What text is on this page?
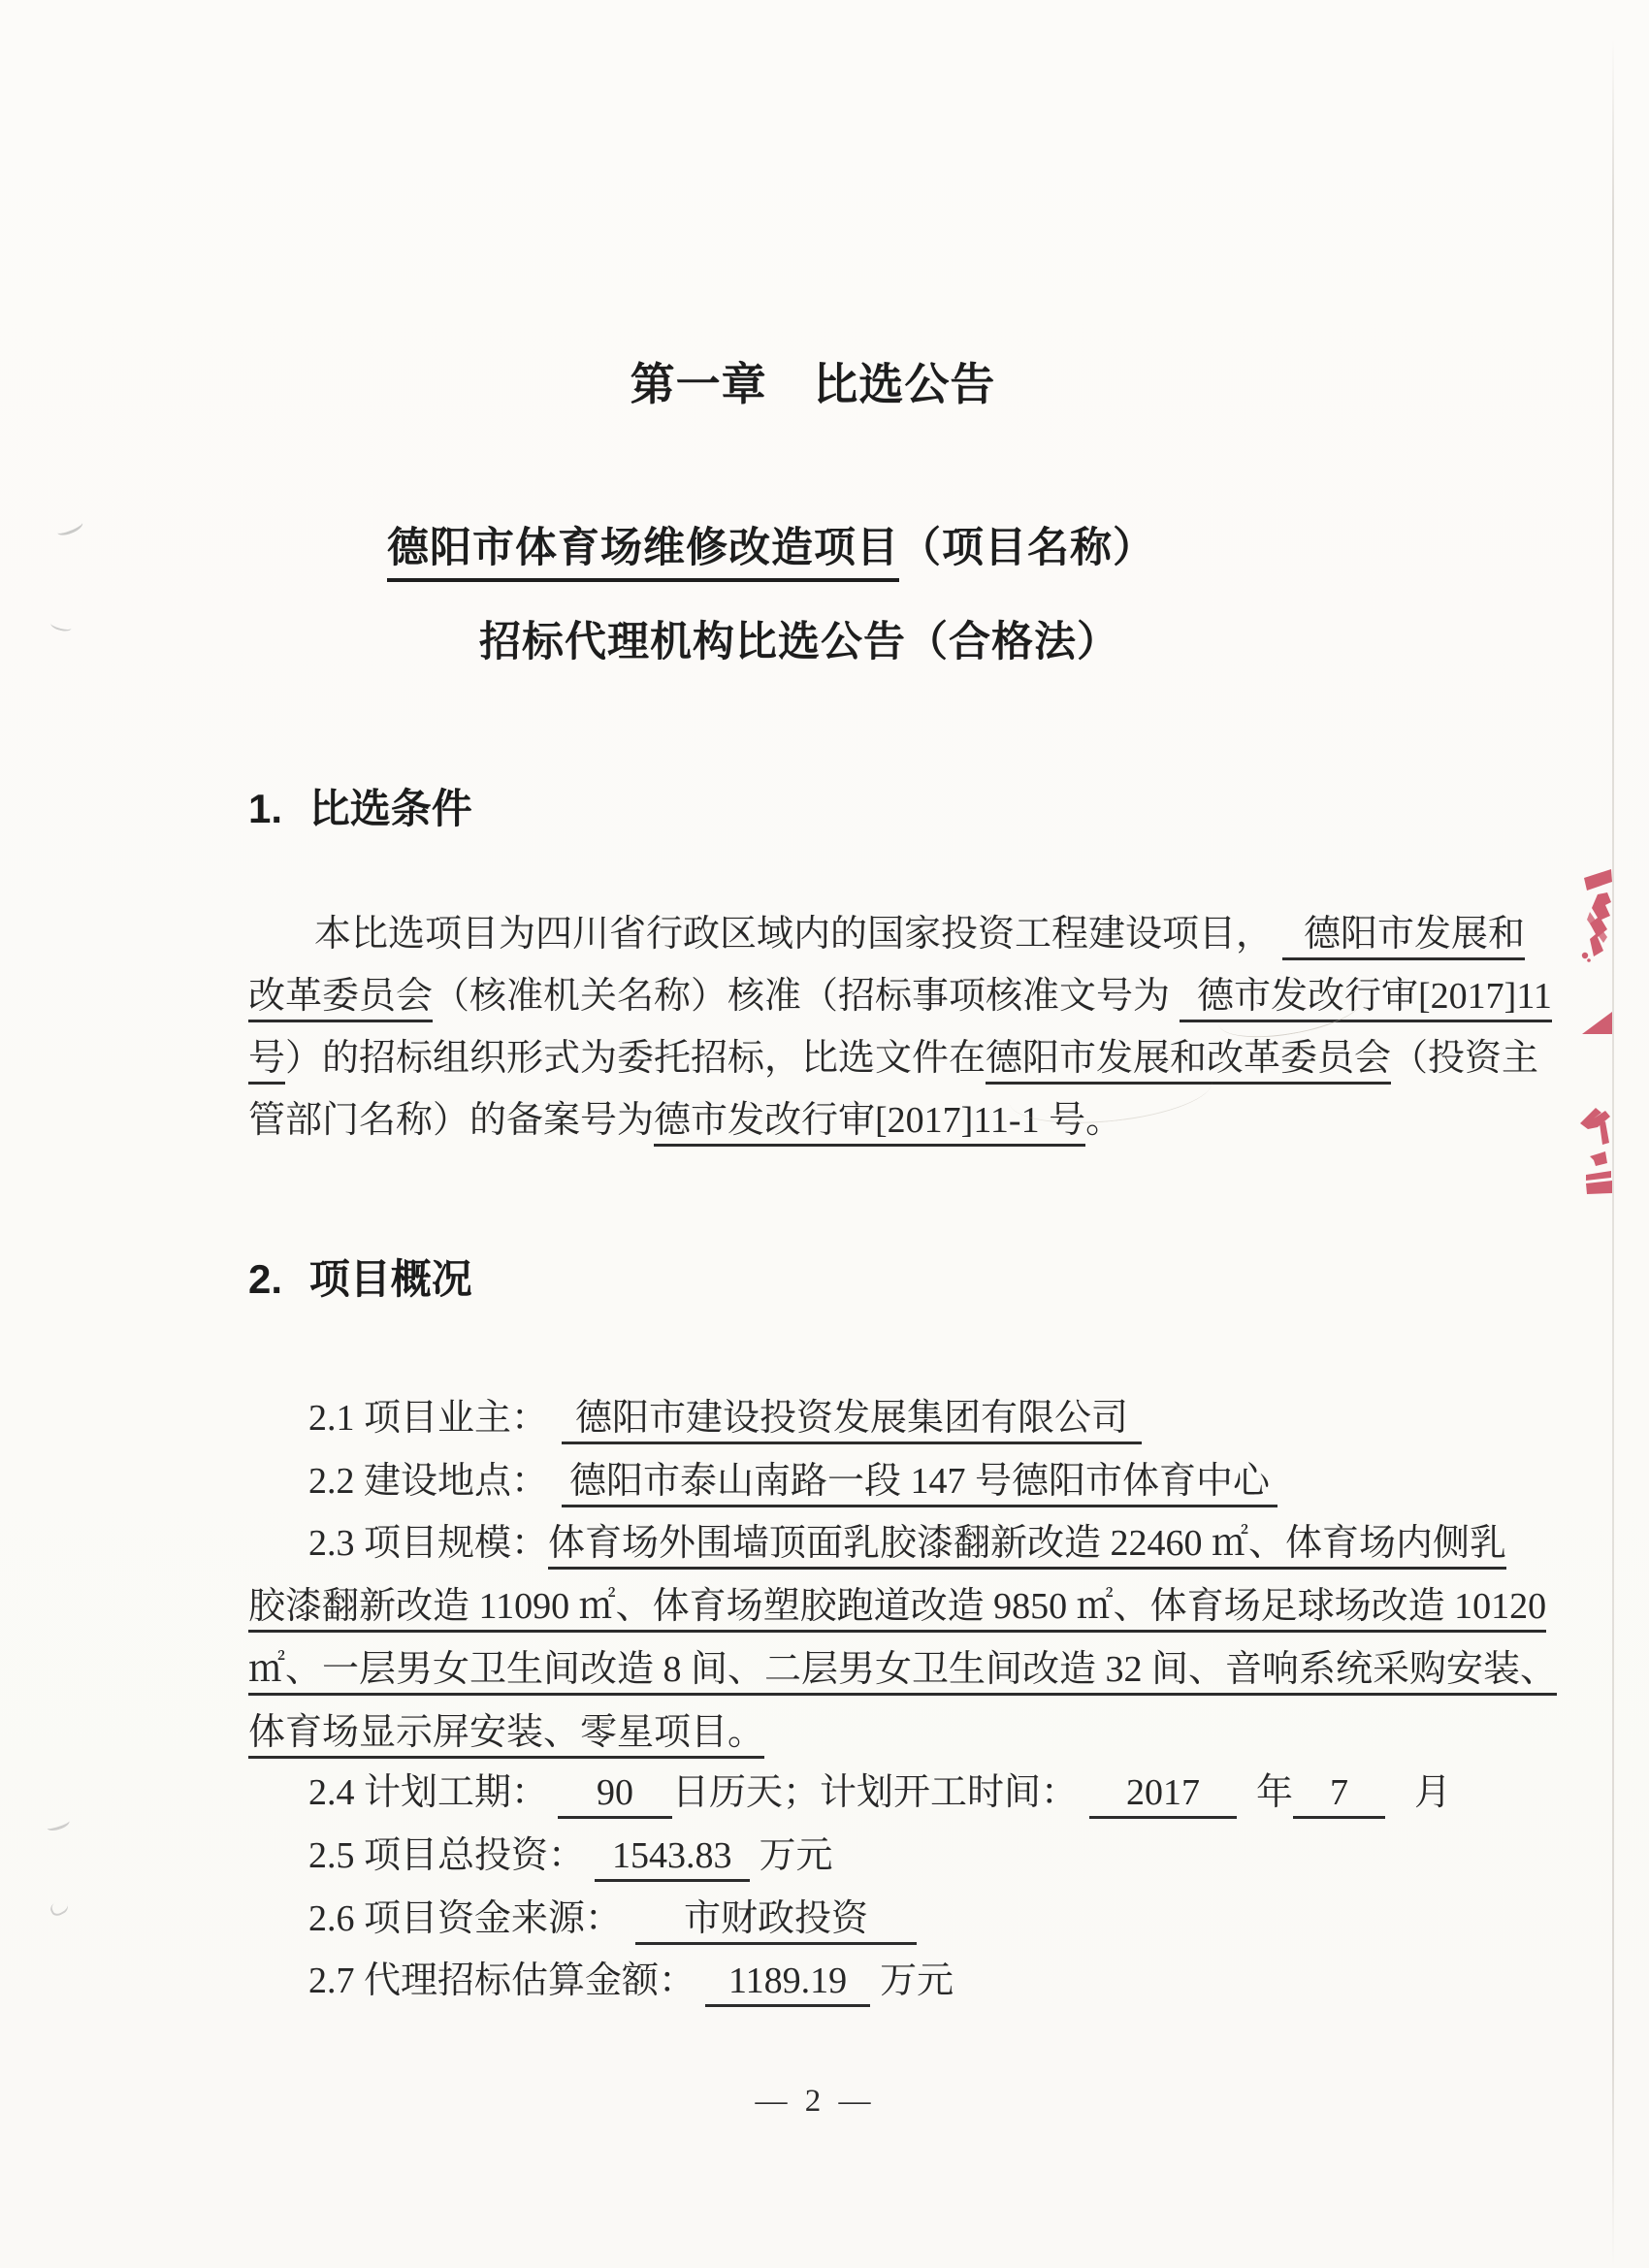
第一章 比选公告
德阳市体育场维修改造项目（项目名称）
招标代理机构比选公告（合格法）
1. 比选条件
本比选项目为四川省行政区域内的国家投资工程建设项目， 德阳市发展和
改革委员会（核准机关名称）核准（招标事项核准文号为 德市发改行审[2017]11
号）的招标组织形式为委托招标，比选文件在德阳市发展和改革委员会（投资主
管部门名称）的备案号为德市发改行审[2017]11-1 号。
2. 项目概况
2.1 项目业主： 德阳市建设投资发展集团有限公司
2.2 建设地点： 德阳市泰山南路一段 147 号德阳市体育中心
2.3 项目规模：体育场外围墙顶面乳胶漆翻新改造 22460 ㎡、体育场内侧乳
胶漆翻新改造 11090 ㎡、体育场塑胶跑道改造 9850 ㎡、体育场足球场改造 10120
㎡、一层男女卫生间改造 8 间、二层男女卫生间改造 32 间、音响系统采购安装、
体育场显示屏安装、零星项目。
2.4 计划工期： 90 日历天；计划开工时间： 2017 年 7 月
2.5 项目总投资： 1543.83 万元
2.6 项目资金来源： 市财政投资
2.7 代理招标估算金额： 1189.19 万元
— 2 —
